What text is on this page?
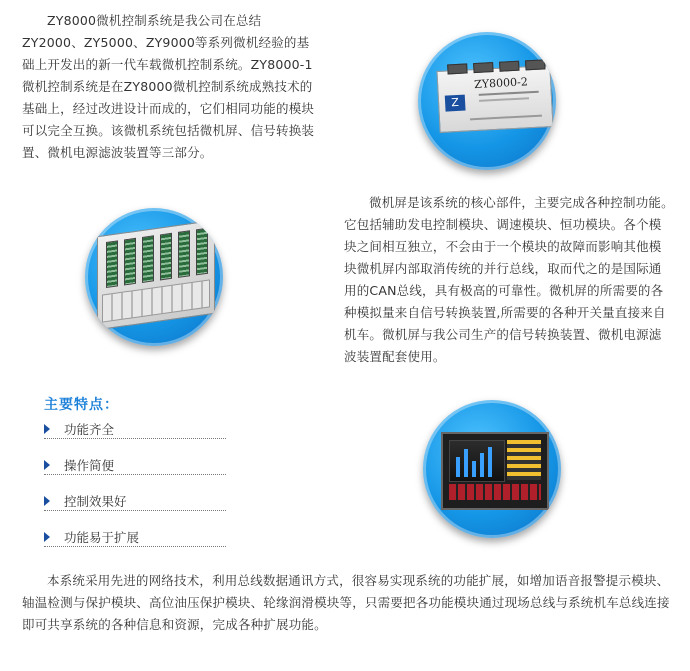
ZY8000微机控制系统是我公司在总结ZY2000、ZY5000、ZY9000等系列微机经验的基础上开发出的新一代车载微机控制系统。ZY8000-1微机控制系统是在ZY8000微机控制系统成熟技术的基础上，经过改进设计而成的，它们相同功能的模块可以完全互换。该微机系统包括微机屏、信号转换装置、微机电源滤波装置等三部分。

Z
ZY8000-2

微机屏是该系统的核心部件，主要完成各种控制功能。它包括辅助发电控制模块、调速模块、恒功模块。各个模块之间相互独立，不会由于一个模块的故障而影响其他模块微机屏内部取消传统的并行总线，取而代之的是国际通用的CAN总线，具有极高的可靠性。微机屏的所需要的各种模拟量来自信号转换装置,所需要的各种开关量直接来自机车。微机屏与我公司生产的信号转换装置、微机电源滤波装置配套使用。

主要特点：
功能齐全
操作简便
控制效果好
功能易于扩展

本系统采用先进的网络技术，利用总线数据通讯方式，很容易实现系统的功能扩展，如增加语音报警提示模块、轴温检测与保护模块、高位油压保护模块、轮缘润滑模块等，只需要把各功能模块通过现场总线与系统机车总线连接即可共享系统的各种信息和资源，完成各种扩展功能。
